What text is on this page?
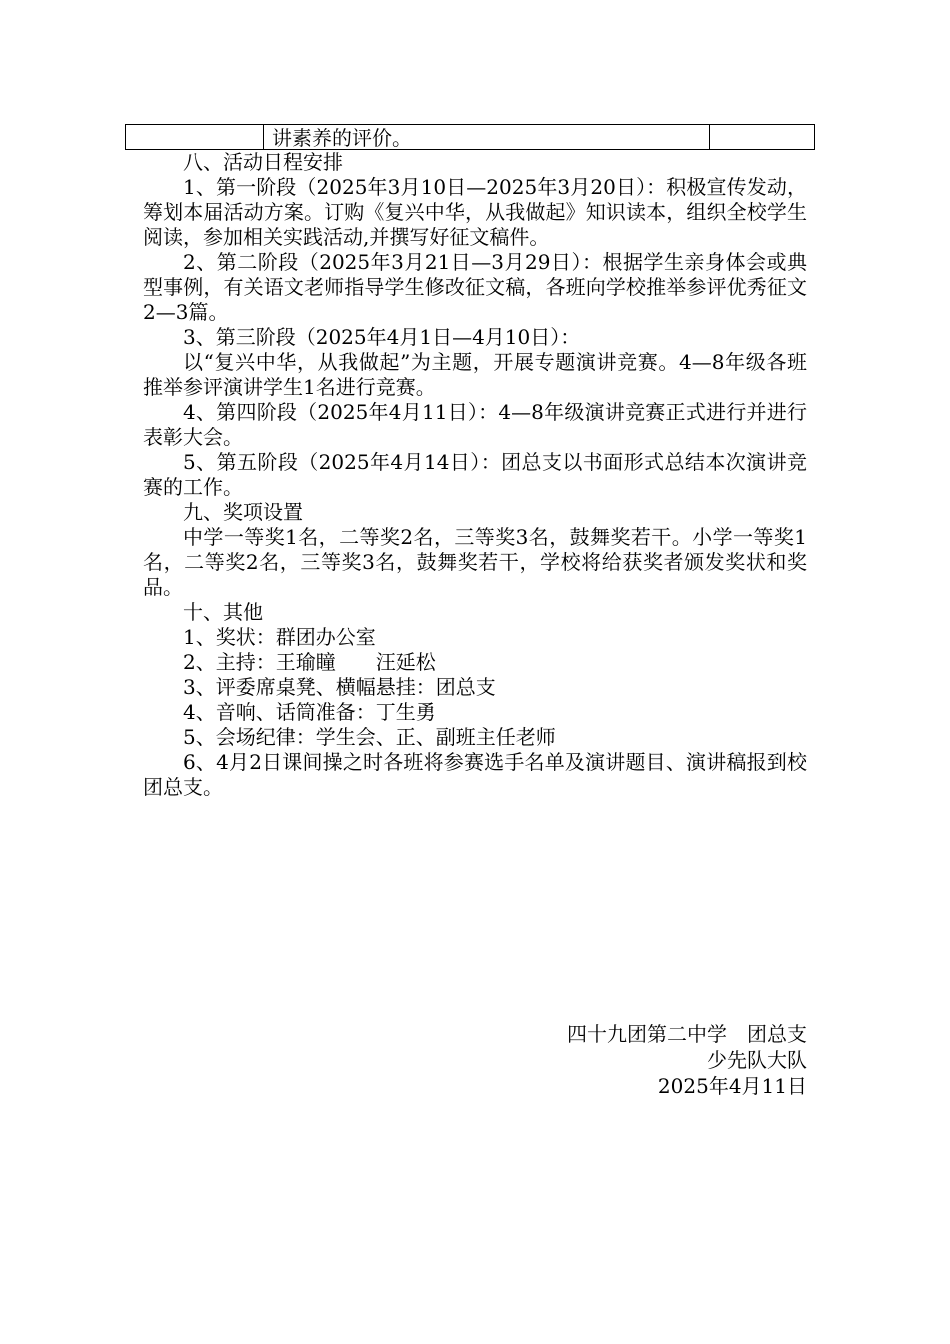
讲素养的评价。

八、活动日程安排

1、第一阶段（2025年3月10日—2025年3月20日）：积极宣传发动，筹划本届活动方案。订购《复兴中华，从我做起》知识读本，组织全校学生阅读，参加相关实践活动,并撰写好征文稿件。

2、第二阶段（2025年3月21日—3月29日）：根据学生亲身体会或典型事例，有关语文老师指导学生修改征文稿，各班向学校推举参评优秀征文2—3篇。

3、第三阶段（2025年4月1日—4月10日）：

以“复兴中华，从我做起”为主题，开展专题演讲竞赛。4—8年级各班推举参评演讲学生1名进行竞赛。

4、第四阶段（2025年4月11日）：4—8年级演讲竞赛正式进行并进行表彰大会。

5、第五阶段（2025年4月14日）：团总支以书面形式总结本次演讲竞赛的工作。

九、奖项设置

中学一等奖1名，二等奖2名，三等奖3名，鼓舞奖若干。小学一等奖1名，二等奖2名，三等奖3名，鼓舞奖若干，学校将给获奖者颁发奖状和奖品。

十、其他

1、奖状：群团办公室

2、主持：王瑜瞳　　汪延松

3、评委席桌凳、横幅悬挂：团总支

4、音响、话筒准备：丁生勇

5、会场纪律：学生会、正、副班主任老师

6、4月2日课间操之时各班将参赛选手名单及演讲题目、演讲稿报到校团总支。

四十九团第二中学　团总支
少先队大队
2025年4月11日
